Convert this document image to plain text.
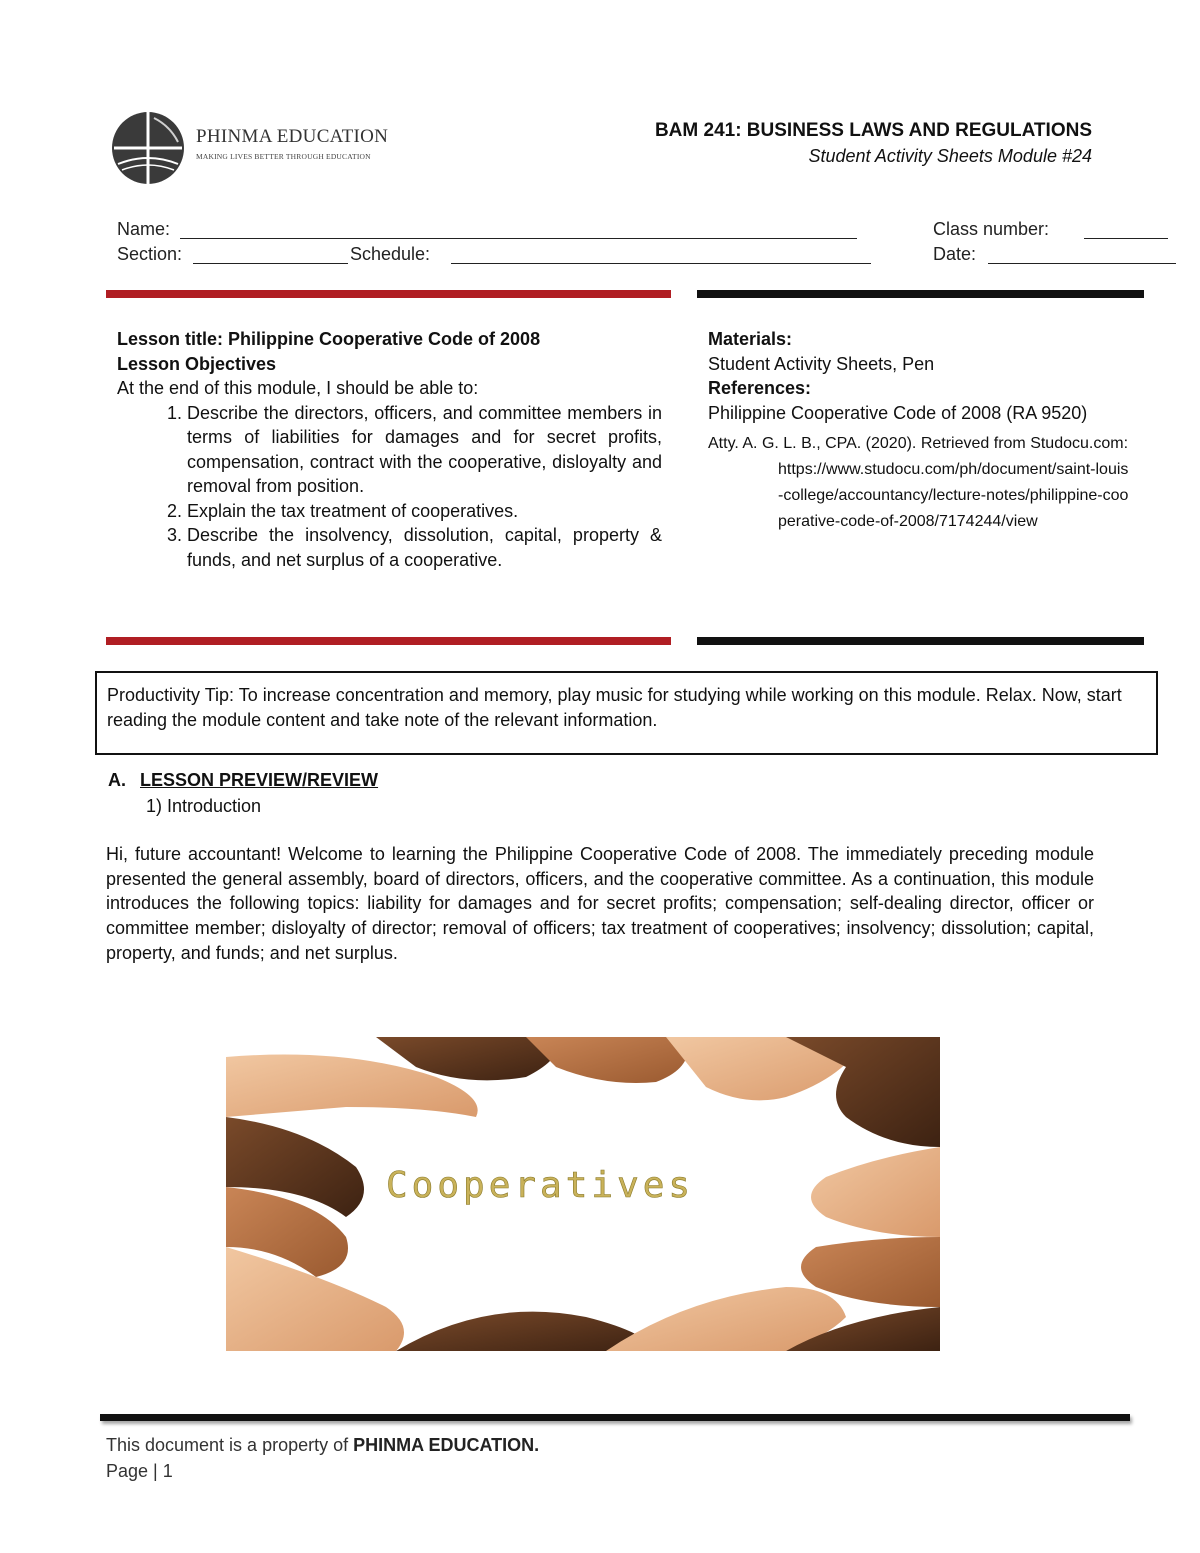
PHINMA EDUCATION
MAKING LIVES BETTER THROUGH EDUCATION
BAM 241: BUSINESS LAWS AND REGULATIONS
Student Activity Sheets Module #24
Name:	Class number:
Section:	Schedule:	Date:
Lesson title: Philippine Cooperative Code of 2008
Lesson Objectives
At the end of this module, I should be able to:
1. Describe the directors, officers, and committee members in terms of liabilities for damages and for secret profits, compensation, contract with the cooperative, disloyalty and removal from position.
2. Explain the tax treatment of cooperatives.
3. Describe the insolvency, dissolution, capital, property & funds, and net surplus of a cooperative.
Materials:
Student Activity Sheets, Pen
References:
Philippine Cooperative Code of 2008 (RA 9520)
Atty. A. G. L. B., CPA. (2020). Retrieved from Studocu.com: https://www.studocu.com/ph/document/saint-louis-college/accountancy/lecture-notes/philippine-cooperative-code-of-2008/7174244/view
Productivity Tip: To increase concentration and memory, play music for studying while working on this module. Relax. Now, start reading the module content and take note of the relevant information.
A. LESSON PREVIEW/REVIEW
1) Introduction
Hi, future accountant! Welcome to learning the Philippine Cooperative Code of 2008. The immediately preceding module presented the general assembly, board of directors, officers, and the cooperative committee. As a continuation, this module introduces the following topics: liability for damages and for secret profits; compensation; self-dealing director, officer or committee member; disloyalty of director; removal of officers; tax treatment of cooperatives; insolvency; dissolution; capital, property, and funds; and net surplus.
Cooperatives
This document is a property of PHINMA EDUCATION.
Page | 1
